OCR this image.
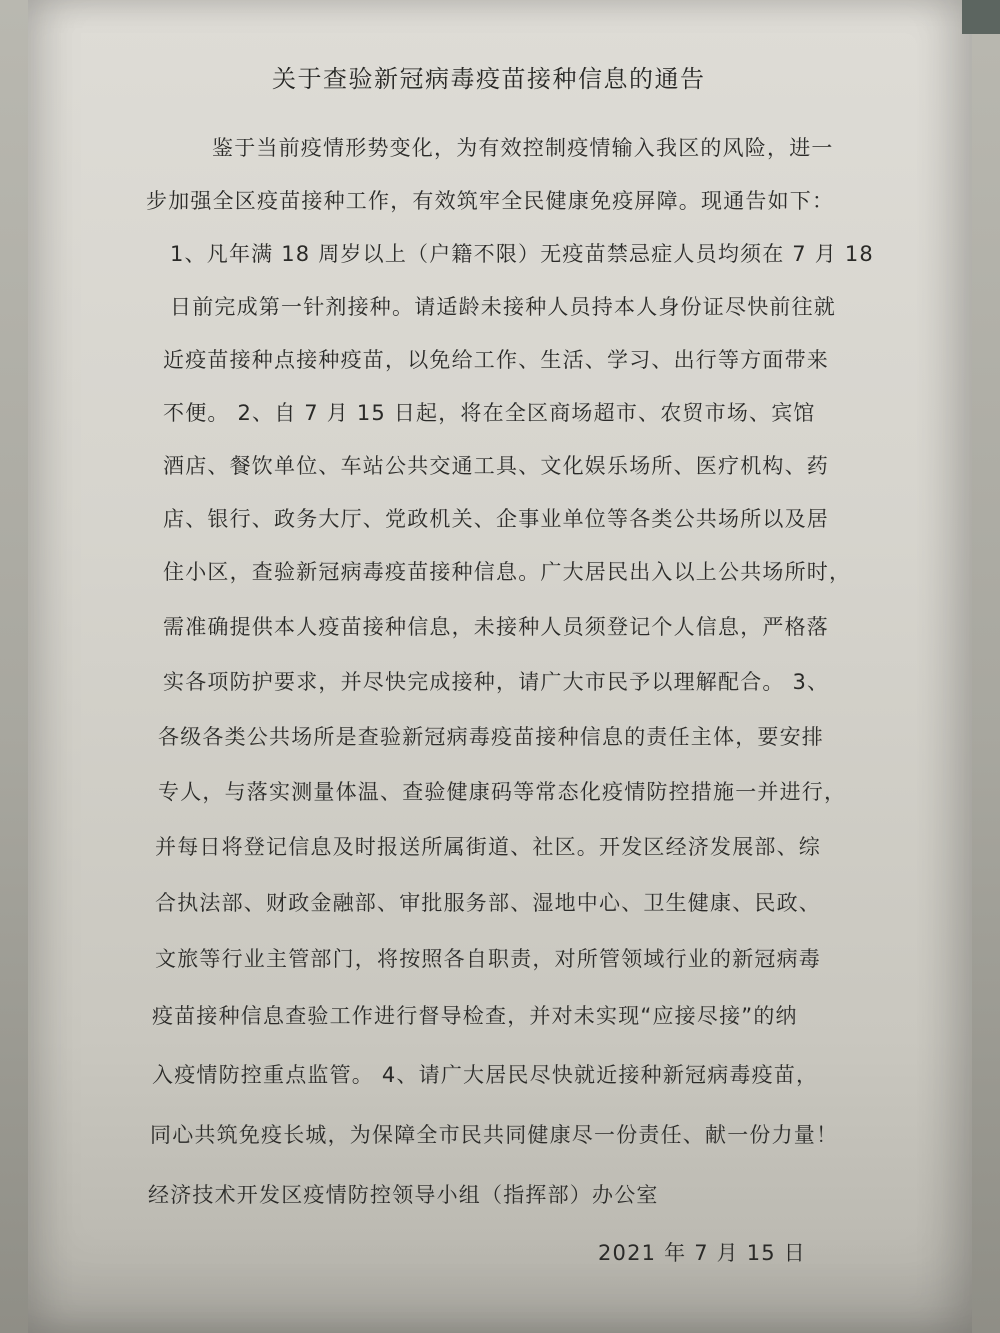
关于查验新冠病毒疫苗接种信息的通告
鉴于当前疫情形势变化，为有效控制疫情输入我区的风险，进一
步加强全区疫苗接种工作，有效筑牢全民健康免疫屏障。现通告如下：
1、凡年满 18 周岁以上（户籍不限）无疫苗禁忌症人员均须在 7 月 18
日前完成第一针剂接种。请适龄未接种人员持本人身份证尽快前往就
近疫苗接种点接种疫苗，以免给工作、生活、学习、出行等方面带来
不便。 2、自 7 月 15 日起，将在全区商场超市、农贸市场、宾馆
酒店、餐饮单位、车站公共交通工具、文化娱乐场所、医疗机构、药
店、银行、政务大厅、党政机关、企事业单位等各类公共场所以及居
住小区，查验新冠病毒疫苗接种信息。广大居民出入以上公共场所时，
需准确提供本人疫苗接种信息，未接种人员须登记个人信息，严格落
实各项防护要求，并尽快完成接种，请广大市民予以理解配合。 3、
各级各类公共场所是查验新冠病毒疫苗接种信息的责任主体，要安排
专人，与落实测量体温、查验健康码等常态化疫情防控措施一并进行，
并每日将登记信息及时报送所属街道、社区。开发区经济发展部、综
合执法部、财政金融部、审批服务部、湿地中心、卫生健康、民政、
文旅等行业主管部门，将按照各自职责，对所管领域行业的新冠病毒
疫苗接种信息查验工作进行督导检查，并对未实现“应接尽接”的纳
入疫情防控重点监管。 4、请广大居民尽快就近接种新冠病毒疫苗，
同心共筑免疫长城，为保障全市民共同健康尽一份责任、献一份力量！
经济技术开发区疫情防控领导小组（指挥部）办公室
2021 年 7 月 15 日
